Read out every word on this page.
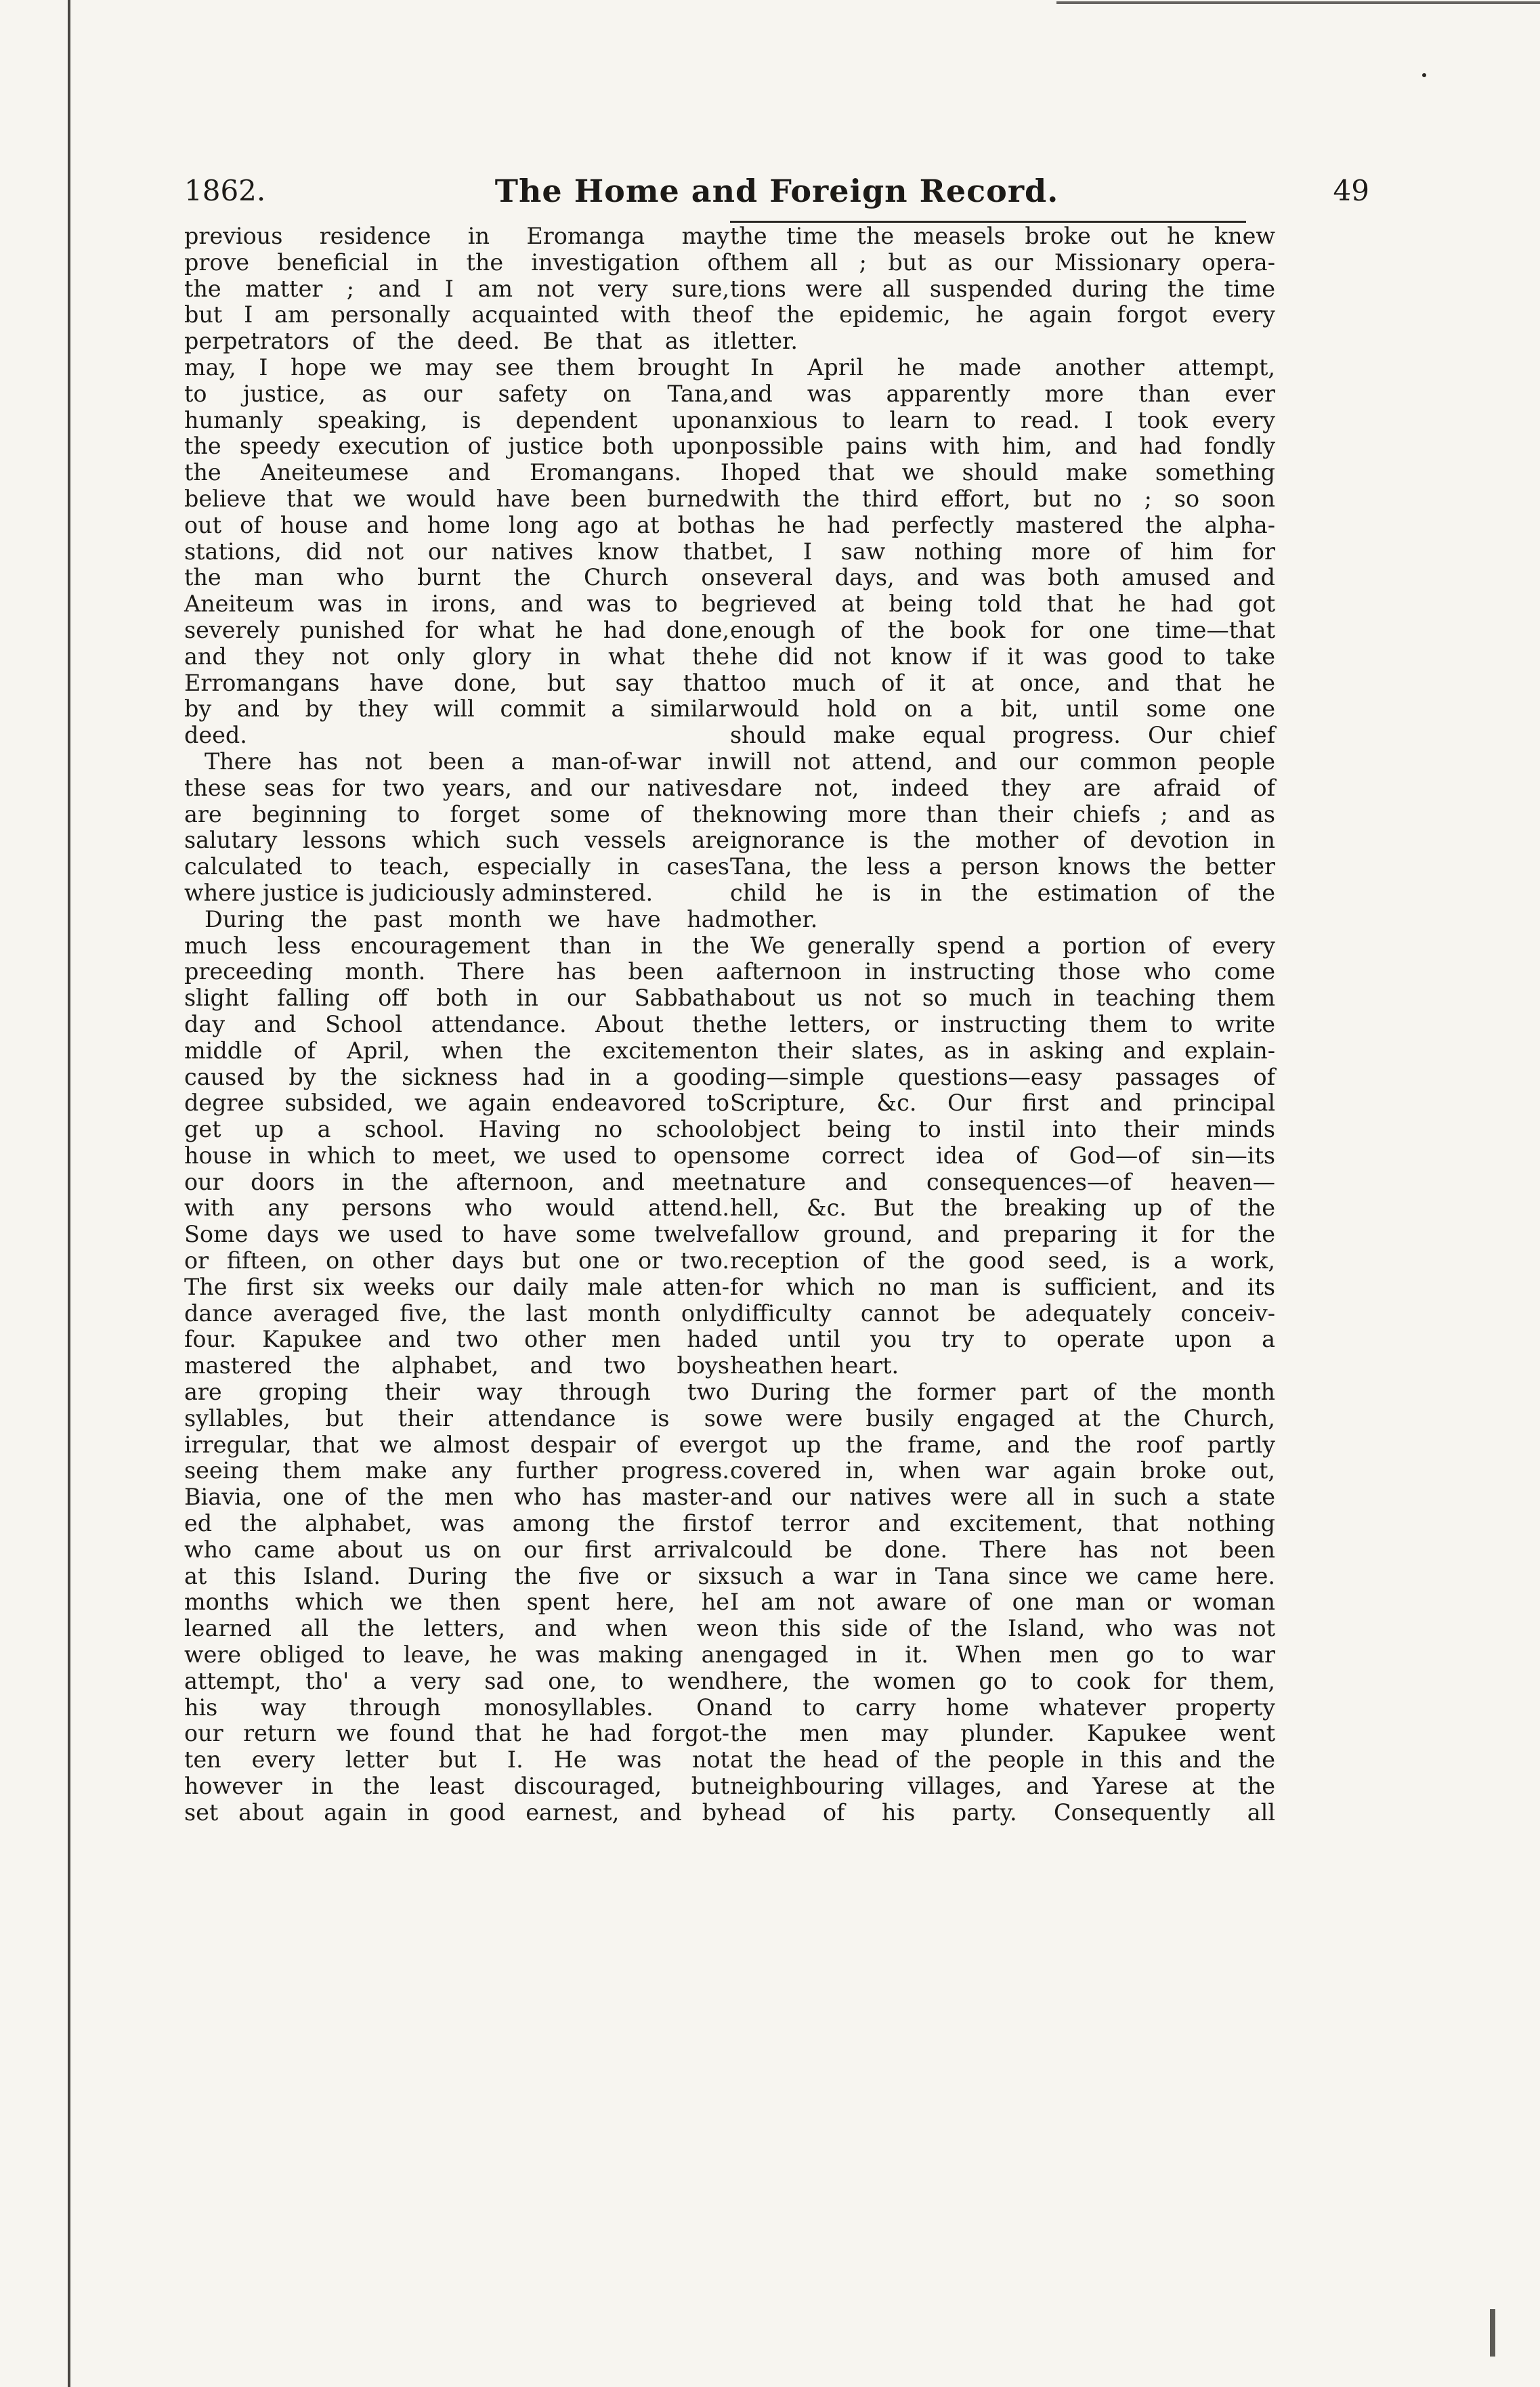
1862.	The Home and Foreign Record.	49
previous residence in Eromanga may
prove beneficial in the investigation of
the matter ; and I am not very sure,
but I am personally acquainted with the
perpetrators of the deed. Be that as it
may, I hope we may see them brought
to justice, as our safety on Tana,
humanly speaking, is dependent upon
the speedy execution of justice both upon
the Aneiteumese and Eromangans. I
believe that we would have been burned
out of house and home long ago at both
stations, did not our natives know that
the man who burnt the Church on
Aneiteum was in irons, and was to be
severely punished for what he had done,
and they not only glory in what the
Erromangans have done, but say that
by and by they will commit a similar
deed.
There has not been a man-of-war in
these seas for two years, and our natives
are beginning to forget some of the
salutary lessons which such vessels are
calculated to teach, especially in cases
where justice is judiciously adminstered.
During the past month we have had
much less encouragement than in the
preceeding month. There has been a
slight falling off both in our Sabbath
day and School attendance. About the
middle of April, when the excitement
caused by the sickness had in a good
degree subsided, we again endeavored to
get up a school. Having no school
house in which to meet, we used to open
our doors in the afternoon, and meet
with any persons who would attend.
Some days we used to have some twelve
or fifteen, on other days but one or two.
The first six weeks our daily male atten-
dance averaged five, the last month only
four. Kapukee and two other men had
mastered the alphabet, and two boys
are groping their way through two
syllables, but their attendance is so
irregular, that we almost despair of ever
seeing them make any further progress.
Biavia, one of the men who has master-
ed the alphabet, was among the first
who came about us on our first arrival
at this Island. During the five or six
months which we then spent here, he
learned all the letters, and when we
were obliged to leave, he was making an
attempt, tho' a very sad one, to wend
his way through monosyllables. On
our return we found that he had forgot-
ten every letter but I. He was not
however in the least discouraged, but
set about again in good earnest, and by
the time the measels broke out he knew
them all ; but as our Missionary opera-
tions were all suspended during the time
of the epidemic, he again forgot every
letter.
In April he made another attempt,
and was apparently more than ever
anxious to learn to read. I took every
possible pains with him, and had fondly
hoped that we should make something
with the third effort, but no ; so soon
as he had perfectly mastered the alpha-
bet, I saw nothing more of him for
several days, and was both amused and
grieved at being told that he had got
enough of the book for one time—that
he did not know if it was good to take
too much of it at once, and that he
would hold on a bit, until some one
should make equal progress. Our chief
will not attend, and our common people
dare not, indeed they are afraid of
knowing more than their chiefs ; and as
ignorance is the mother of devotion in
Tana, the less a person knows the better
child he is in the estimation of the
mother.
We generally spend a portion of every
afternoon in instructing those who come
about us not so much in teaching them
the letters, or instructing them to write
on their slates, as in asking and explain-
ing—simple questions—easy passages of
Scripture, &c. Our first and principal
object being to instil into their minds
some correct idea of God—of sin—its
nature and consequences—of heaven—
hell, &c. But the breaking up of the
fallow ground, and preparing it for the
reception of the good seed, is a work,
for which no man is sufficient, and its
difficulty cannot be adequately conceiv-
ed until you try to operate upon a
heathen heart.
During the former part of the month
we were busily engaged at the Church,
got up the frame, and the roof partly
covered in, when war again broke out,
and our natives were all in such a state
of terror and excitement, that nothing
could be done. There has not been
such a war in Tana since we came here.
I am not aware of one man or woman
on this side of the Island, who was not
engaged in it. When men go to war
here, the women go to cook for them,
and to carry home whatever property
the men may plunder. Kapukee went
at the head of the people in this and the
neighbouring villages, and Yarese at the
head of his party. Consequently all
